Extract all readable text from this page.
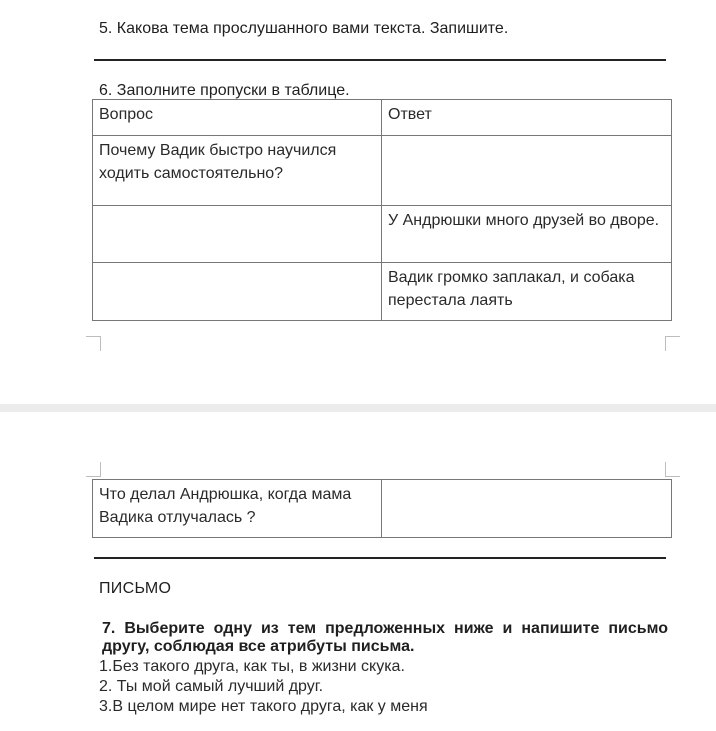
5. Какова тема прослушанного вами текста. Запишите.
6. Заполните пропуски в таблице.
Вопрос	Ответ
Почему Вадик быстро научился ходить самостоятельно?	
	У Андрюшки много друзей во дворе.
	Вадик громко заплакал, и собака перестала лаять
Что делал Андрюшка, когда мама Вадика отлучалась ?	
ПИСЬМО
7. Выберите одну из тем предложенных ниже и напишите письмо другу, соблюдая все атрибуты письма.
1.Без такого друга, как ты, в жизни скука.
2. Ты мой самый лучший друг.
3.В целом мире нет такого друга, как у меня
